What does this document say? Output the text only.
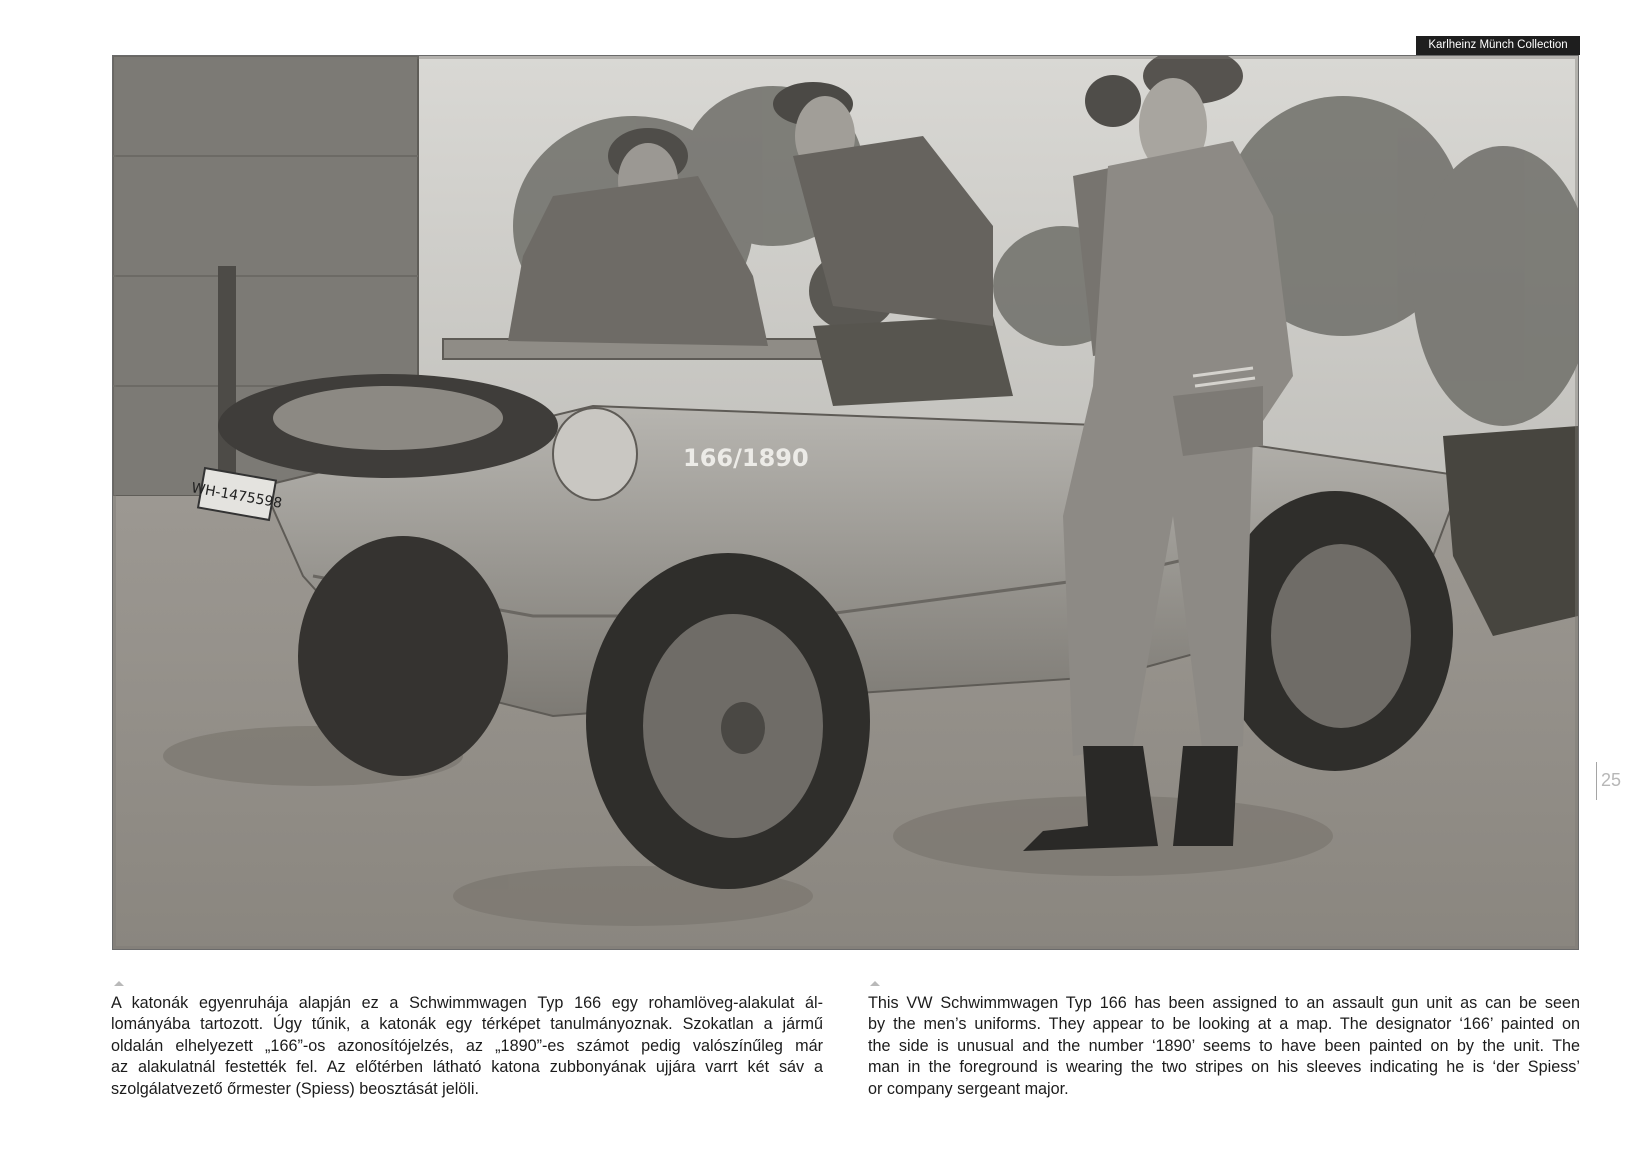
Karlheinz Münch Collection
WH-1475598
166/1890
25
A katonák egyenruhája alapján ez a Schwimmwagen Typ 166 egy rohamlöveg-alakulat ál-
lományába tartozott. Úgy tűnik, a katonák egy térképet tanulmányoznak. Szokatlan a jármű
oldalán elhelyezett „166”-os azonosítójelzés, az „1890”-es számot pedig valószínűleg már
az alakulatnál festették fel. Az előtérben látható katona zubbonyának ujjára varrt két sáv a
szolgálatvezető őrmester (Spiess) beosztását jelöli.
This VW Schwimmwagen Typ 166 has been assigned to an assault gun unit as can be seen
by the men’s uniforms. They appear to be looking at a map. The designator ‘166’ painted on
the side is unusual and the number ‘1890’ seems to have been painted on by the unit. The
man in the foreground is wearing the two stripes on his sleeves indicating he is ‘der Spiess’
or company sergeant major.
